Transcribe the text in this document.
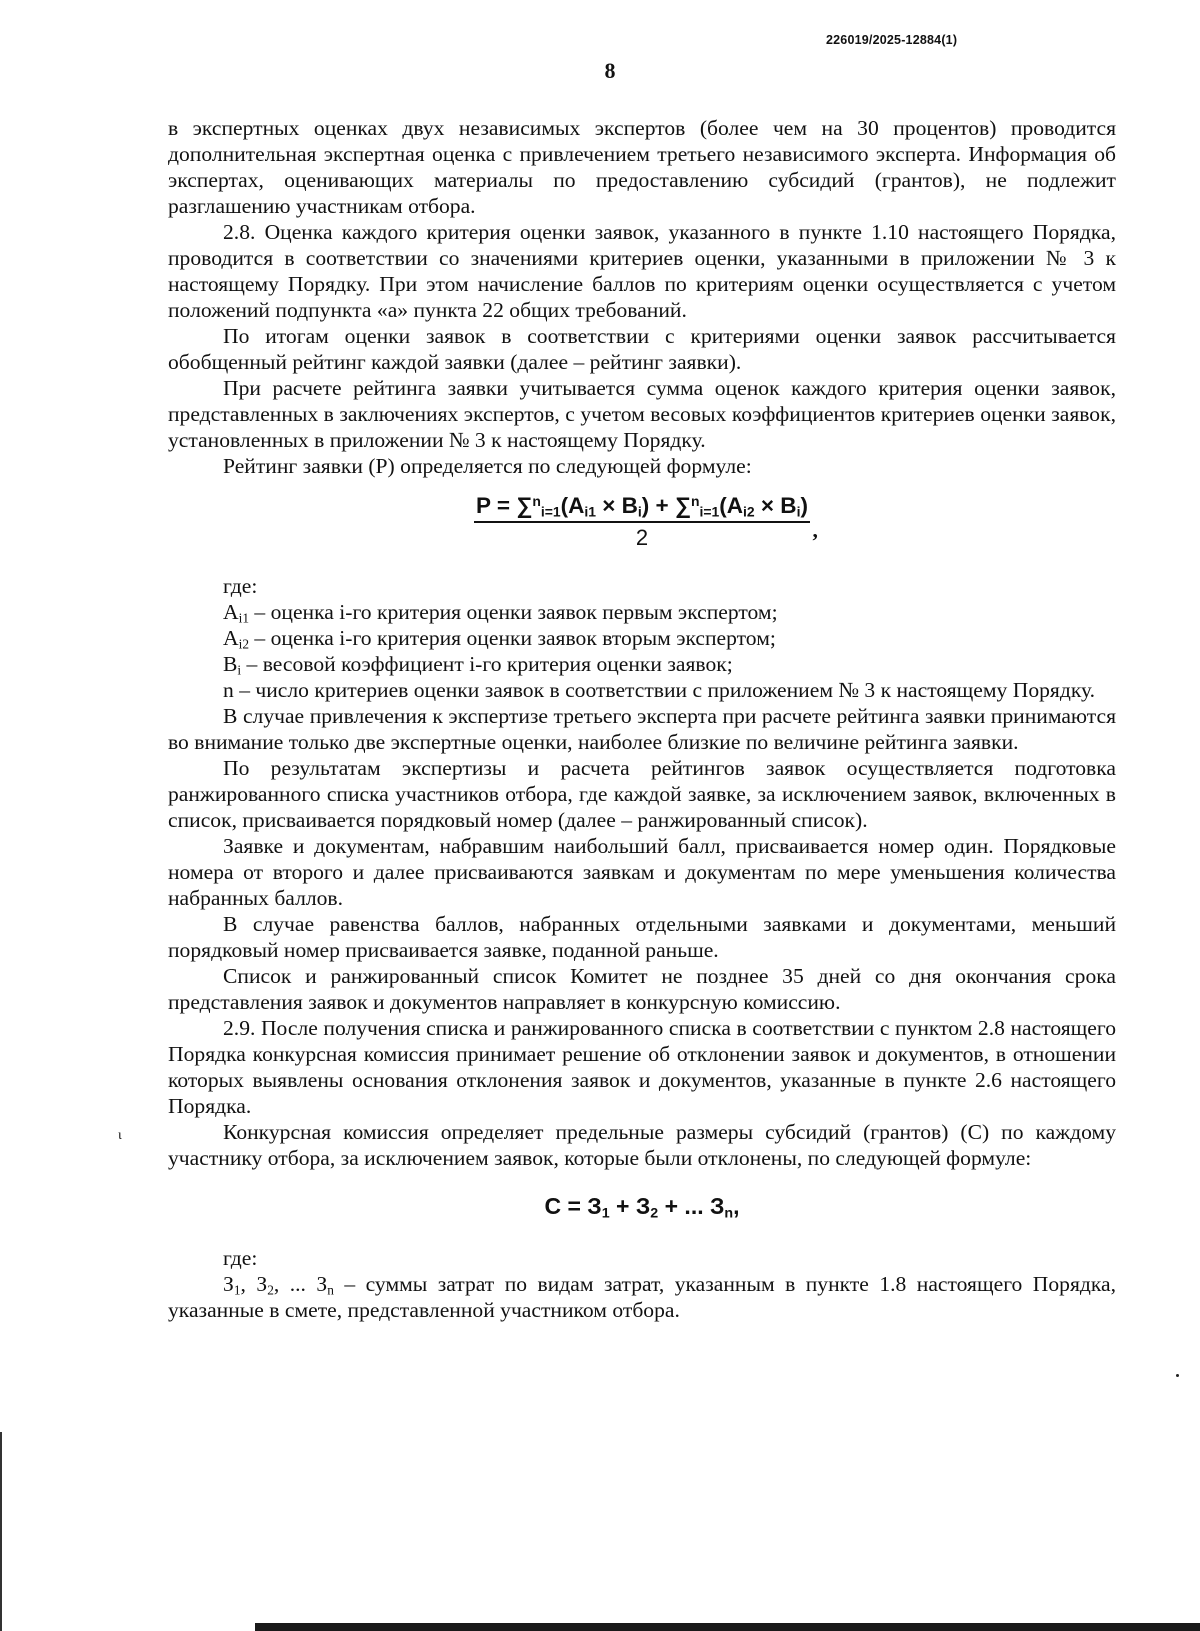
226019/2025-12884(1)
8

в экспертных оценках двух независимых экспертов (более чем на 30 процентов) проводится дополнительная экспертная оценка с привлечением третьего независимого эксперта. Информация об экспертах, оценивающих материалы по предоставлению субсидий (грантов), не подлежит разглашению участникам отбора.

2.8. Оценка каждого критерия оценки заявок, указанного в пункте 1.10 настоящего Порядка, проводится в соответствии со значениями критериев оценки, указанными в приложении № 3 к настоящему Порядку. При этом начисление баллов по критериям оценки осуществляется с учетом положений подпункта «а» пункта 22 общих требований.

По итогам оценки заявок в соответствии с критериями оценки заявок рассчитывается обобщенный рейтинг каждой заявки (далее – рейтинг заявки).

При расчете рейтинга заявки учитывается сумма оценок каждого критерия оценки заявок, представленных в заключениях экспертов, с учетом весовых коэффициентов критериев оценки заявок, установленных в приложении № 3 к настоящему Порядку.

Рейтинг заявки (Р) определяется по следующей формуле:

$P = \sum^n_{i=1}(A_{i1} \times B_i) + \sum^n_{i=1}(A_{i2} \times B_i)$
2	,

где:

$A_{i1}$ – оценка i-го критерия оценки заявок первым экспертом;

$A_{i2}$ – оценка i-го критерия оценки заявок вторым экспертом;

$B_i$ – весовой коэффициент i-го критерия оценки заявок;

n – число критериев оценки заявок в соответствии с приложением № 3 к настоящему Порядку.

В случае привлечения к экспертизе третьего эксперта при расчете рейтинга заявки принимаются во внимание только две экспертные оценки, наиболее близкие по величине рейтинга заявки.

По результатам экспертизы и расчета рейтингов заявок осуществляется подготовка ранжированного списка участников отбора, где каждой заявке, за исключением заявок, включенных в список, присваивается порядковый номер (далее – ранжированный список).

Заявке и документам, набравшим наибольший балл, присваивается номер один. Порядковые номера от второго и далее присваиваются заявкам и документам по мере уменьшения количества набранных баллов.

В случае равенства баллов, набранных отдельными заявками и документами, меньший порядковый номер присваивается заявке, поданной раньше.

Список и ранжированный список Комитет не позднее 35 дней со дня окончания срока представления заявок и документов направляет в конкурсную комиссию.

2.9. После получения списка и ранжированного списка в соответствии с пунктом 2.8 настоящего Порядка конкурсная комиссия принимает решение об отклонении заявок и документов, в отношении которых выявлены основания отклонения заявок и документов, указанные в пункте 2.6 настоящего Порядка.

Конкурсная комиссия определяет предельные размеры субсидий (грантов) (С) по каждому участнику отбора, за исключением заявок, которые были отклонены, по следующей формуле:

$С = З_1 + З_2$ + ... $З_n$,

где:

$З_1$, $З_2$, ... $З_n$ – суммы затрат по видам затрат, указанным в пункте 1.8 настоящего Порядка, указанные в смете, представленной участником отбора.

ι
